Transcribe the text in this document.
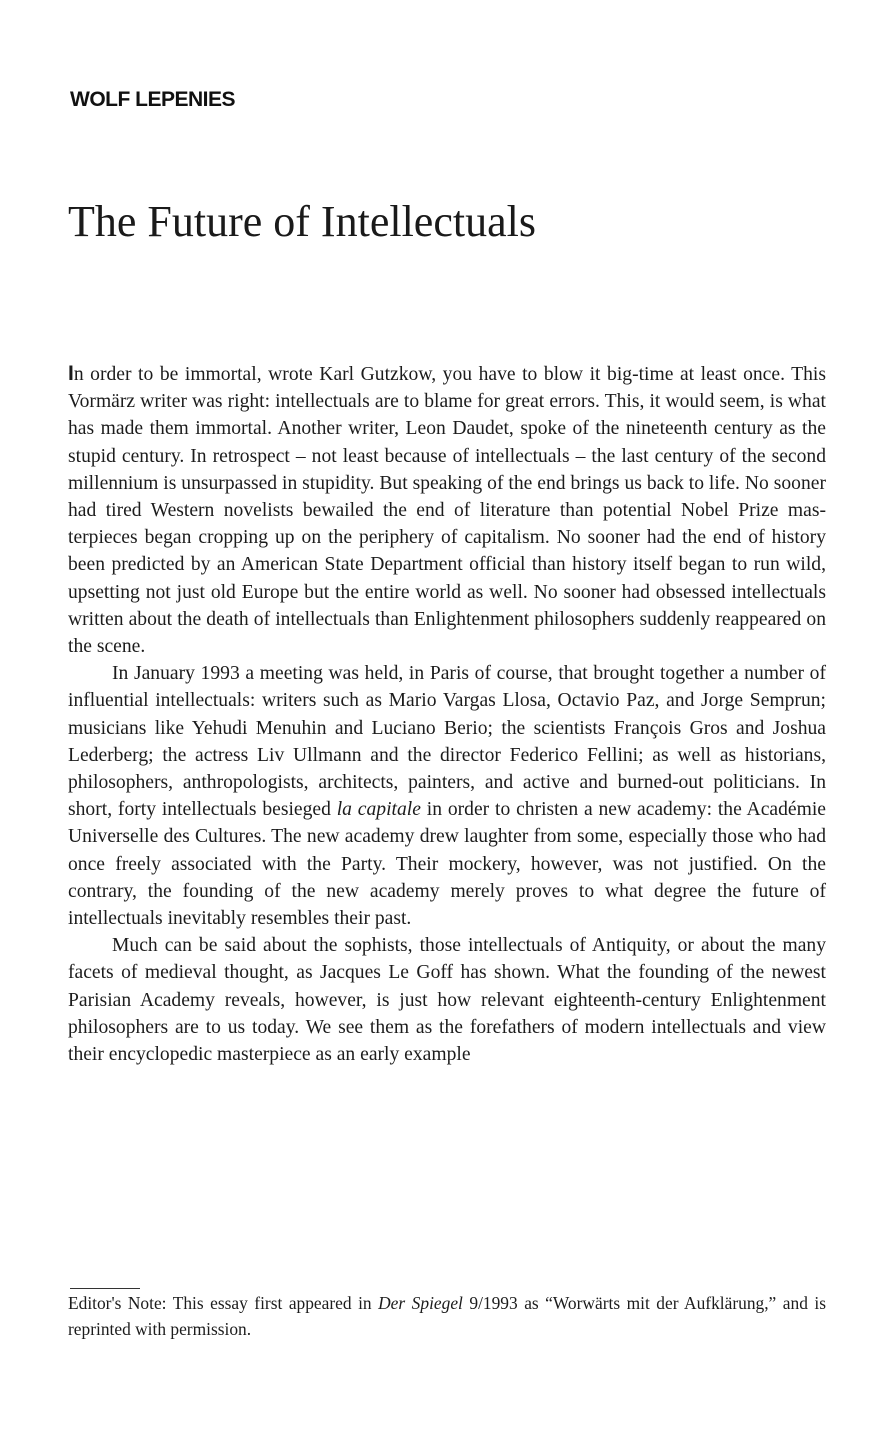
WOLF LEPENIES
The Future of Intellectuals

In order to be immortal, wrote Karl Gutzkow, you have to blow it big-time at least once. This Vormärz writer was right: intellectuals are to blame for great errors. This, it would seem, is what has made them immortal. Another writer, Leon Daudet, spoke of the nineteenth century as the stupid century. In retrospect – not least because of intellectuals – the last century of the second millennium is unsurpassed in stupidity. But speaking of the end brings us back to life. No sooner had tired Western novelists bewailed the end of literature than potential Nobel Prize masterpieces began cropping up on the periphery of capitalism. No sooner had the end of history been predicted by an American State Department official than history itself began to run wild, upsetting not just old Europe but the entire world as well. No sooner had obsessed intellectuals written about the death of intellectuals than Enlightenment philosophers suddenly reappeared on the scene.

In January 1993 a meeting was held, in Paris of course, that brought together a number of influential intellectuals: writers such as Mario Vargas Llosa, Octavio Paz, and Jorge Semprun; musicians like Yehudi Menuhin and Luciano Berio; the scientists François Gros and Joshua Lederberg; the actress Liv Ullmann and the director Federico Fellini; as well as historians, philosophers, anthropologists, architects, painters, and active and burned-out politicians. In short, forty intellectuals besieged la capitale in order to christen a new academy: the Académie Universelle des Cultures. The new academy drew laughter from some, especially those who had once freely associated with the Party. Their mockery, however, was not justified. On the contrary, the founding of the new academy merely proves to what degree the future of intellectuals inevitably resembles their past.

Much can be said about the sophists, those intellectuals of Antiquity, or about the many facets of medieval thought, as Jacques Le Goff has shown. What the founding of the newest Parisian Academy reveals, however, is just how relevant eighteenth-century Enlightenment philosophers are to us today. We see them as the forefathers of modern intellectuals and view their encyclopedic masterpiece as an early example

Editor's Note: This essay first appeared in Der Spiegel 9/1993 as “Worwärts mit der Aufklärung,” and is reprinted with permission.
